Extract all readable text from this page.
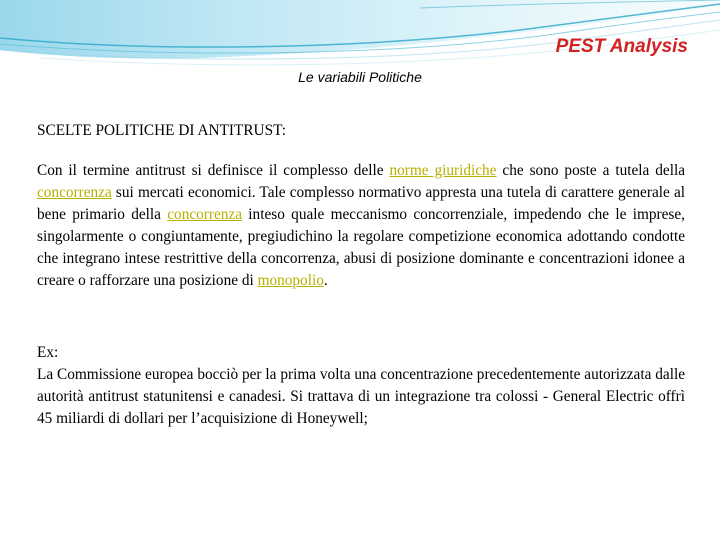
PEST Analysis
Le variabili Politiche

SCELTE POLITICHE DI ANTITRUST:

Con il termine antitrust si definisce il complesso delle norme giuridiche che sono poste a tutela della concorrenza sui mercati economici. Tale complesso normativo appresta una tutela di carattere generale al bene primario della concorrenza inteso quale meccanismo concorrenziale, impedendo che le imprese, singolarmente o congiuntamente, pregiudichino la regolare competizione economica adottando condotte che integrano intese restrittive della concorrenza, abusi di posizione dominante e concentrazioni idonee a creare o rafforzare una posizione di monopolio.

Ex:

La Commissione europea bocciò per la prima volta una concentrazione precedentemente autorizzata dalle autorità antitrust statunitensi e canadesi. Si trattava di un integrazione tra colossi - General Electric offrì 45 miliardi di dollari per l’acquisizione di Honeywell;
